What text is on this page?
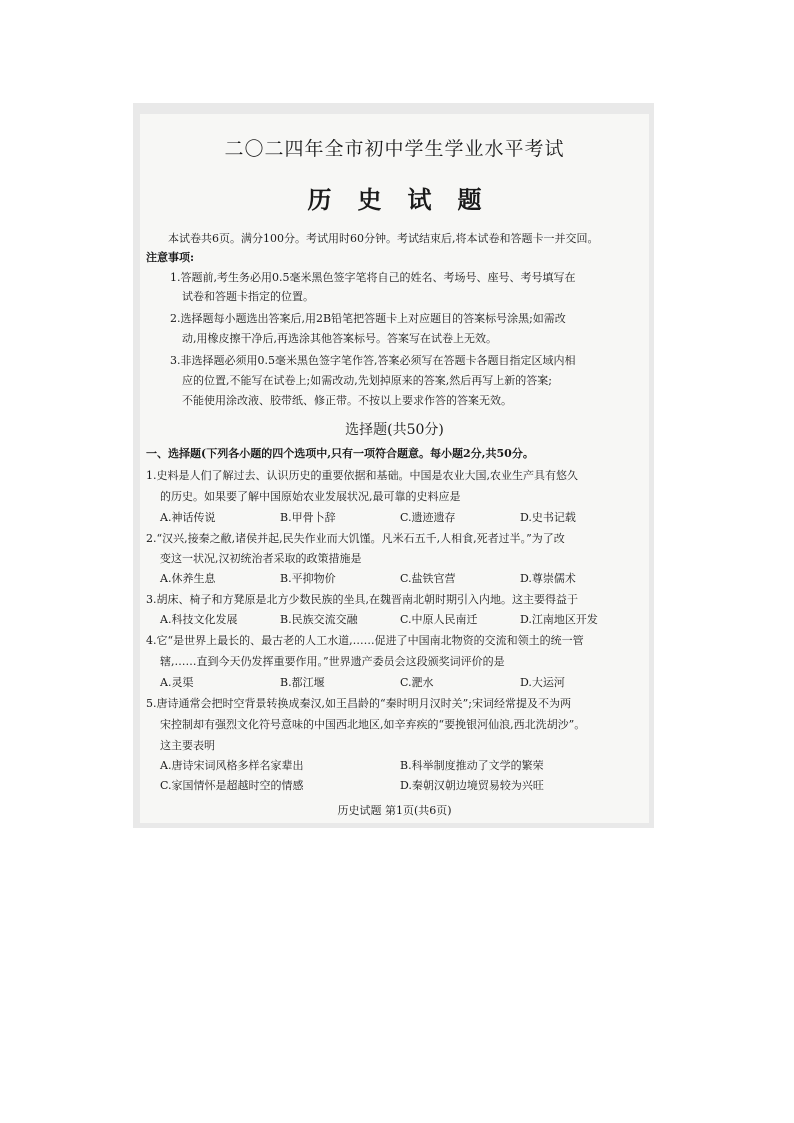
二〇二四年全市初中学生学业水平考试
历史试题
本试卷共6页。满分100分。考试用时60分钟。考试结束后,将本试卷和答题卡一并交回。
注意事项:
1.答题前,考生务必用0.5毫米黑色签字笔将自己的姓名、考场号、座号、考号填写在
试卷和答题卡指定的位置。
2.选择题每小题选出答案后,用2B铅笔把答题卡上对应题目的答案标号涂黑;如需改
动,用橡皮擦干净后,再选涂其他答案标号。答案写在试卷上无效。
3.非选择题必须用0.5毫米黑色签字笔作答,答案必须写在答题卡各题目指定区域内相
应的位置,不能写在试卷上;如需改动,先划掉原来的答案,然后再写上新的答案;
不能使用涂改液、胶带纸、修正带。不按以上要求作答的答案无效。
选择题(共50分)
一、选择题(下列各小题的四个选项中,只有一项符合题意。每小题2分,共50分。
1.史料是人们了解过去、认识历史的重要依据和基础。中国是农业大国,农业生产具有悠久
的历史。如果要了解中国原始农业发展状况,最可靠的史料应是
A.神话传说	B.甲骨卜辞	C.遗迹遗存	D.史书记载
2.“汉兴,接秦之敝,诸侯并起,民失作业而大饥馑。凡米石五千,人相食,死者过半。”为了改
变这一状况,汉初统治者采取的政策措施是
A.休养生息	B.平抑物价	C.盐铁官营	D.尊崇儒术
3.胡床、椅子和方凳原是北方少数民族的坐具,在魏晋南北朝时期引入内地。这主要得益于
A.科技文化发展	B.民族交流交融	C.中原人民南迁	D.江南地区开发
4.它“是世界上最长的、最古老的人工水道,……促进了中国南北物资的交流和领土的统一管
辖,……直到今天仍发挥重要作用。”世界遗产委员会这段颁奖词评价的是
A.灵渠	B.都江堰	C.淝水	D.大运河
5.唐诗通常会把时空背景转换成秦汉,如王昌龄的“秦时明月汉时关”;宋词经常提及不为两
宋控制却有强烈文化符号意味的中国西北地区,如辛弃疾的“要挽银河仙浪,西北洗胡沙”。
这主要表明
A.唐诗宋词风格多样名家辈出	B.科举制度推动了文学的繁荣
C.家国情怀是超越时空的情感	D.秦朝汉朝边境贸易较为兴旺
历史试题 第1页(共6页)
